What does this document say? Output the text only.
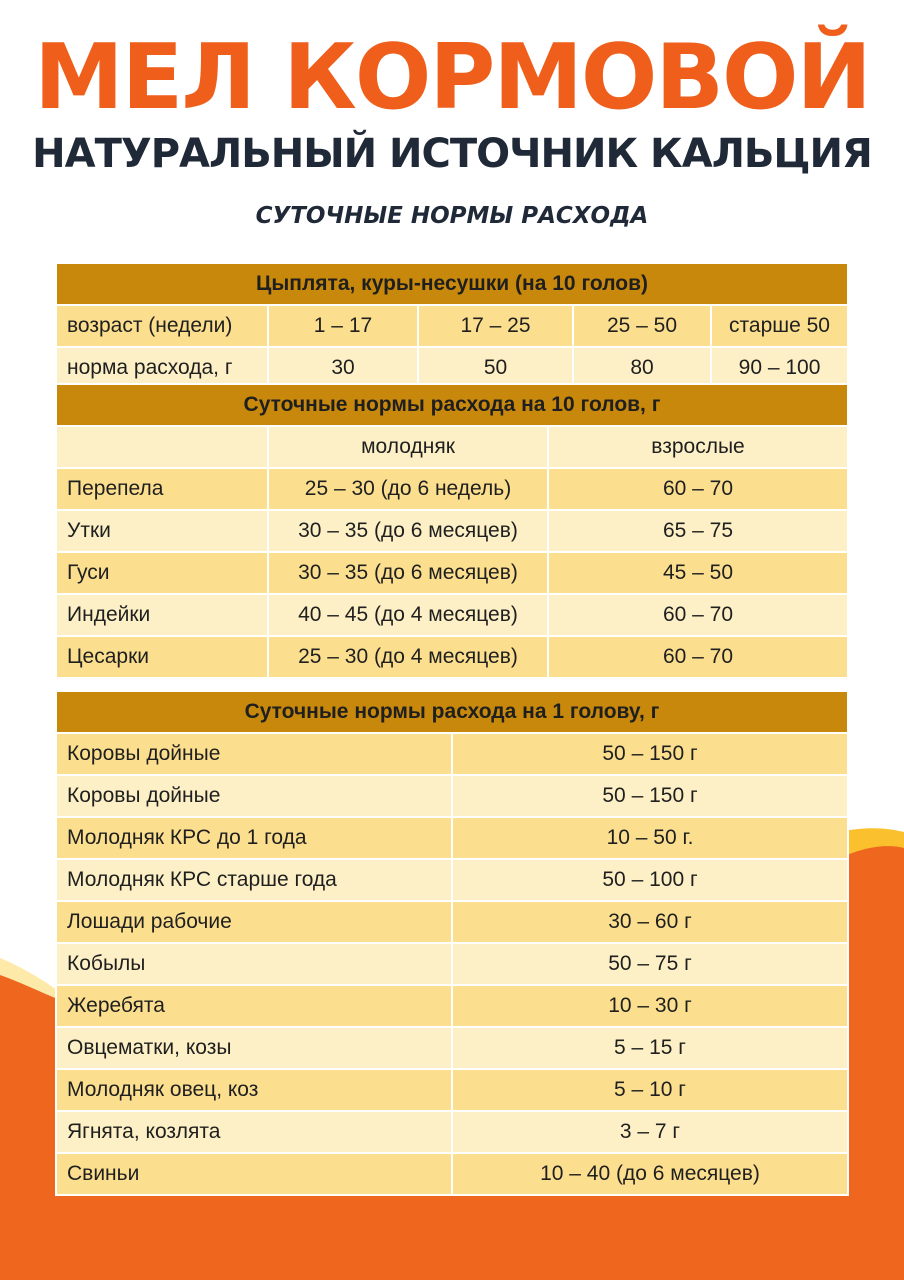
МЕЛ КОРМОВОЙ
НАТУРАЛЬНЫЙ ИСТОЧНИК КАЛЬЦИЯ
СУТОЧНЫЕ НОРМЫ РАСХОДА
Цыплята, куры-несушки (на 10 голов)				
возраст (недели)	1 – 17	17 – 25	25 – 50	старше 50
норма расхода, г	30	50	80	90 – 100
Суточные нормы расхода на 10 голов, г		
	молодняк	взрослые
Перепела	25 – 30 (до 6 недель)	60 – 70
Утки	30 – 35 (до 6 месяцев)	65 – 75
Гуси	30 – 35 (до 6 месяцев)	45 – 50
Индейки	40 – 45 (до 4 месяцев)	60 – 70
Цесарки	25 – 30 (до 4 месяцев)	60 – 70
Суточные нормы расхода на 1 голову, г	
Коровы дойные	50 – 150 г
Коровы дойные	50 – 150 г
Молодняк КРС до 1 года	10 – 50 г.
Молодняк КРС старше года	50 – 100 г
Лошади рабочие	30 – 60 г
Кобылы	50 – 75 г
Жеребята	10 – 30 г
Овцематки, козы	5 – 15 г
Молодняк овец, коз	5 – 10 г
Ягнята, козлята	3 – 7 г
Свиньи	10 – 40 (до 6 месяцев)
